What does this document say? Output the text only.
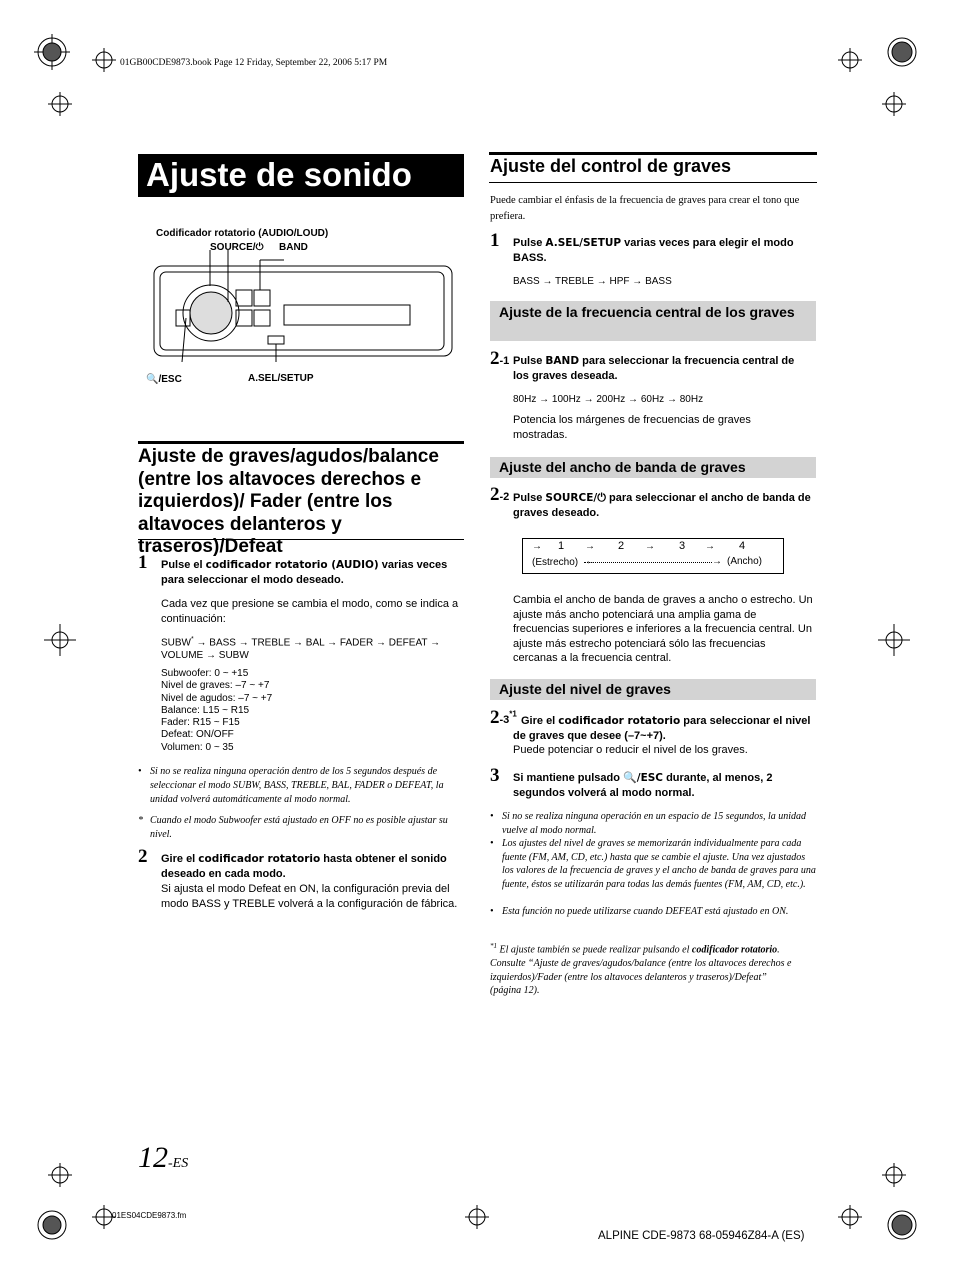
01GB00CDE9873.book Page 12 Friday, September 22, 2006 5:17 PM
Ajuste de sonido
Codificador rotatorio (AUDIO/LOUD)
SOURCE/⏻ BAND
🔍/ESC	A.SEL/SETUP
Ajuste de graves/agudos/balance (entre los altavoces derechos e izquierdos)/ Fader (entre los altavoces delanteros y traseros)/Defeat
1 Pulse el codificador rotatorio (AUDIO) varias veces para seleccionar el modo deseado.
Cada vez que presione se cambia el modo, como se indica a continuación:
SUBW* → BASS → TREBLE → BAL → FADER → DEFEAT →
VOLUME → SUBW
Subwoofer: 0 ~ +15
Nivel de graves: –7 ~ +7
Nivel de agudos: –7 ~ +7
Balance: L15 ~ R15
Fader: R15 ~ F15
Defeat: ON/OFF
Volumen: 0 ~ 35
• Si no se realiza ninguna operación dentro de los 5 segundos después de seleccionar el modo SUBW, BASS, TREBLE, BAL, FADER o DEFEAT, la unidad volverá automáticamente al modo normal.
* Cuando el modo Subwoofer está ajustado en OFF no es posible ajustar su nivel.
2 Gire el codificador rotatorio hasta obtener el sonido deseado en cada modo.
Si ajusta el modo Defeat en ON, la configuración previa del modo BASS y TREBLE volverá a la configuración de fábrica.
Ajuste del control de graves
Puede cambiar el énfasis de la frecuencia de graves para crear el tono que prefiera.
1 Pulse A.SEL/SETUP varias veces para elegir el modo BASS.
BASS → TREBLE → HPF → BASS
Ajuste de la frecuencia central de los graves
2-1 Pulse BAND para seleccionar la frecuencia central de los graves deseada.
80Hz → 100Hz → 200Hz → 60Hz → 80Hz
Potencia los márgenes de frecuencias de graves mostradas.
Ajuste del ancho de banda de graves
2-2 Pulse SOURCE/⏻ para seleccionar el ancho de banda de graves deseado.
→ 1 → 2 → 3 → 4
(Estrecho) ←	→ (Ancho)
Cambia el ancho de banda de graves a ancho o estrecho. Un ajuste más ancho potenciará una amplia gama de frecuencias superiores e inferiores a la frecuencia central. Un ajuste más estrecho potenciará sólo las frecuencias cercanas a la frecuencia central.
Ajuste del nivel de graves
2-3$^{*1}$
Gire el codificador rotatorio para seleccionar el nivel de graves que desee (–7~+7).
Puede potenciar o reducir el nivel de los graves.
3 Si mantiene pulsado 🔍/ESC durante, al menos, 2 segundos volverá al modo normal.
• Si no se realiza ninguna operación en un espacio de 15 segundos, la unidad vuelve al modo normal.
• Los ajustes del nivel de graves se memorizarán individualmente para cada fuente (FM, AM, CD, etc.) hasta que se cambie el ajuste. Una vez ajustados los valores de la frecuencia de graves y el ancho de banda de graves para una fuente, éstos se utilizarán para todas las demás fuentes (FM, AM, CD, etc.).
• Esta función no puede utilizarse cuando DEFEAT está ajustado en ON.
$^{*1}$ El ajuste también se puede realizar pulsando el codificador rotatorio. Consulte “Ajuste de graves/agudos/balance (entre los altavoces derechos e izquierdos)/Fader (entre los altavoces delanteros y traseros)/Defeat” (página 12).
12-ES
01ES04CDE9873.fm
ALPINE CDE-9873 68-05946Z84-A (ES)
